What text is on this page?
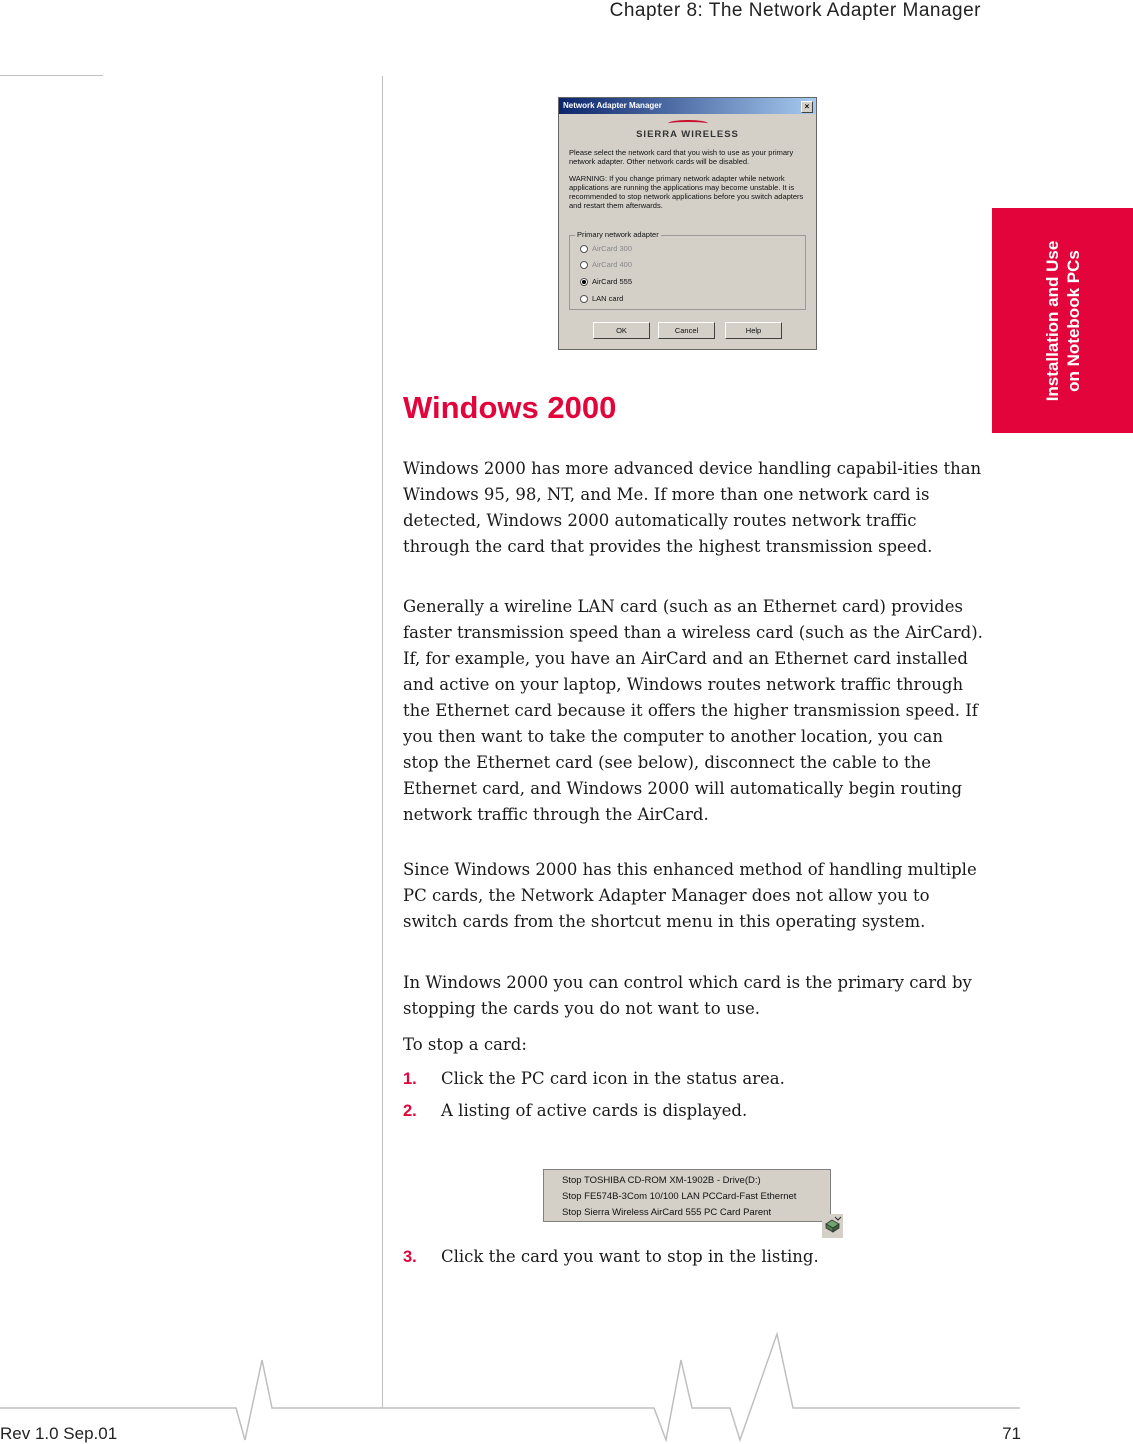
Chapter 8: The Network Adapter Manager
Installation and Use on Notebook PCs
Network Adapter Manager	×
SIERRA WIRELESS
Please select the network card that you wish to use as your primary network adapter. Other network cards will be disabled.
WARNING: If you change primary network adapter while network applications are running the applications may become unstable. It is recommended to stop network applications before you switch adapters and restart them afterwards.
Primary network adapter
AirCard 300
AirCard 400
AirCard 555
LAN card
OK	Cancel	Help
Windows 2000

Windows 2000 has more advanced device handling capabil-ities than Windows 95, 98, NT, and Me. If more than one network card is detected, Windows 2000 automatically routes network traffic through the card that provides the highest transmission speed.

Generally a wireline LAN card (such as an Ethernet card) provides faster transmission speed than a wireless card (such as the AirCard). If, for example, you have an AirCard and an Ethernet card installed and active on your laptop, Windows routes network traffic through the Ethernet card because it offers the higher transmission speed. If you then want to take the computer to another location, you can stop the Ethernet card (see below), disconnect the cable to the Ethernet card, and Windows 2000 will automatically begin routing network traffic through the AirCard.

Since Windows 2000 has this enhanced method of handling multiple PC cards, the Network Adapter Manager does not allow you to switch cards from the shortcut menu in this operating system.

In Windows 2000 you can control which card is the primary card by stopping the cards you do not want to use.

To stop a card:

1. Click the PC card icon in the status area.
2. A listing of active cards is displayed.
Stop TOSHIBA CD-ROM XM-1902B - Drive(D:)
Stop FE574B-3Com 10/100 LAN PCCard-Fast Ethernet
Stop Sierra Wireless AirCard 555 PC Card Parent
3. Click the card you want to stop in the listing.
Rev 1.0 Sep.01	71
